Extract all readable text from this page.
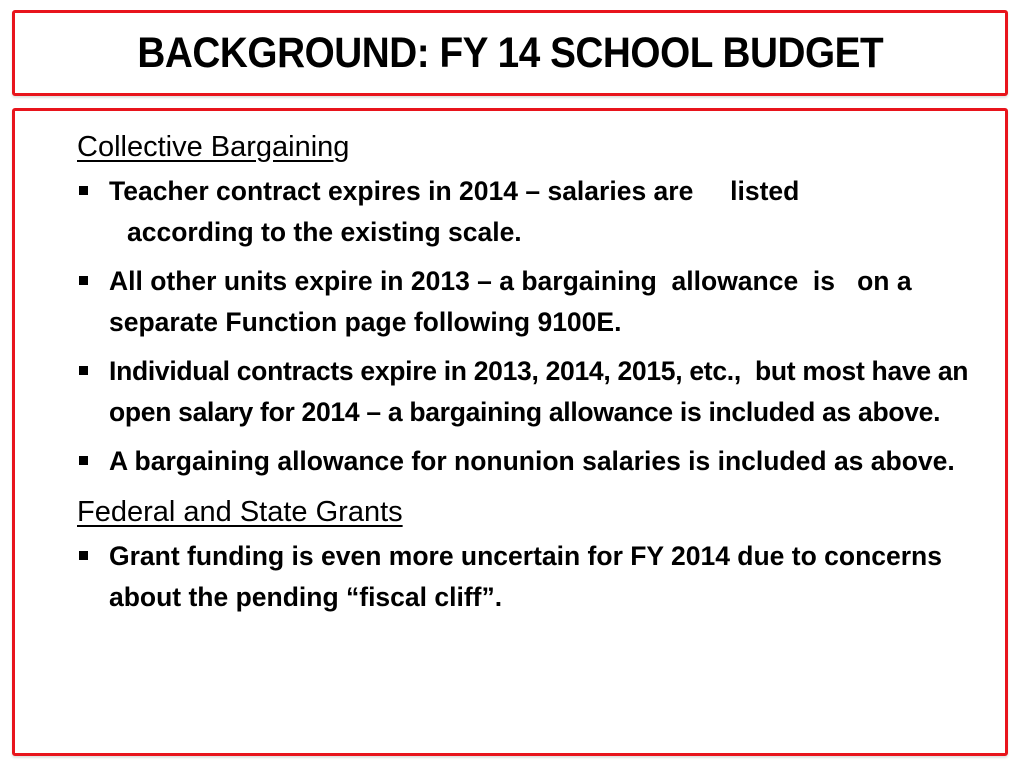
BACKGROUND: FY 14 SCHOOL BUDGET
Collective Bargaining
Teacher contract expires in 2014 – salaries are     listed
according to the existing scale.
All other units expire in 2013 – a bargaining  allowance  is   on a separate Function page following 9100E.
Individual contracts expire in 2013, 2014, 2015, etc.,  but most have an open salary for 2014 – a bargaining allowance is included as above.
A bargaining allowance for nonunion salaries is included as above.
Federal and State Grants
Grant funding is even more uncertain for FY 2014 due to concerns about the pending “fiscal cliff”.
